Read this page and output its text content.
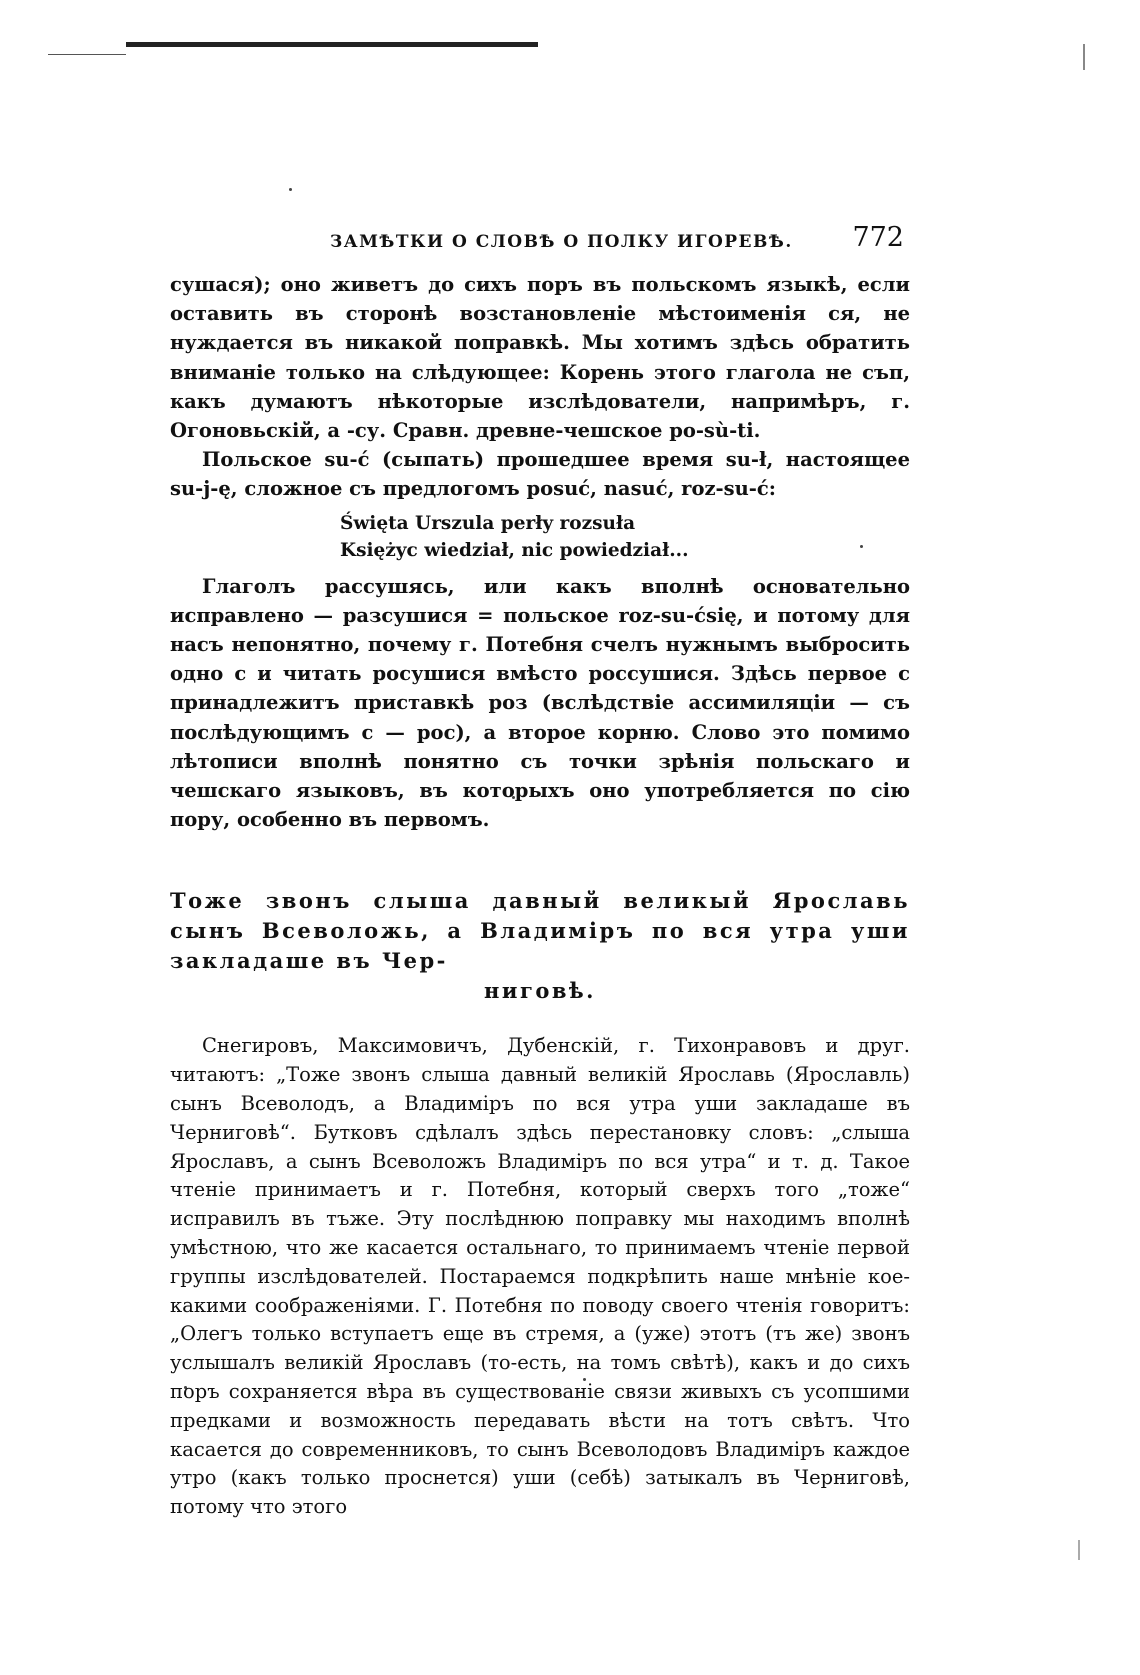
ЗАМѢТКИ О СЛОВѢ О ПОЛКУ ИГОРЕВѢ. 772

сушася); оно живетъ до сихъ поръ въ польскомъ языкѣ, если оставить въ сторонѣ возстановленіе мѣстоименія ся, не нуждается въ никакой поправкѣ. Мы хотимъ здѣсь обратить вниманіе только на слѣдующее: Корень этого глагола не съп, какъ думаютъ нѣкоторые изслѣдователи, напримѣръ, г. Огоновьскій, а -су. Сравн. древне-чешское po-sù-ti.

Польское su-ć (сыпать) прошедшее время su-ł, настоящее su-j-ę, сложное съ предлогомъ posuć, nasuć, roz-su-ć:

Święta Urszula perły rozsuła
Księżyc wiedział, nic powiedział...

Глаголъ рассушясь, или какъ вполнѣ основательно исправлено — разсушися = польское roz-su-ćsię, и потому для насъ непонятно, почему г. Потебня счелъ нужнымъ выбросить одно с и читать росушися вмѣсто россушися. Здѣсь первое с принадлежитъ приставкѣ роз (вслѣдствіе ассимиляціи — съ послѣдующимъ с — рос), а второе корню. Слово это помимо лѣтописи вполнѣ понятно съ точки зрѣнія польскаго и чешскаго языковъ, въ которыхъ оно употребляется по сію пору, особенно въ первомъ.

Тоже звонъ слыша давный великый Ярославь сынъ Всеволожь, а Владиміръ по вся утра уши закладаше въ Чер-

ниговѣ.

Снегировъ, Максимовичъ, Дубенскій, г. Тихонравовъ и друг. читаютъ: „Тоже звонъ слыша давный великій Ярославь (Ярославль) сынъ Всеволодъ, а Владиміръ по вся утра уши закладаше въ Черниговѣ“. Бутковъ сдѣлалъ здѣсь перестановку словъ: „слыша Ярославъ, а сынъ Всеволожъ Владиміръ по вся утра“ и т. д. Такое чтеніе принимаетъ и г. Потебня, который сверхъ того „тоже“ исправилъ въ тъже. Эту послѣднюю поправку мы находимъ вполнѣ умѣстною, что же касается остальнаго, то принимаемъ чтеніе первой группы изслѣдователей. Постараемся подкрѣпить наше мнѣніе кое-какими соображеніями. Г. Потебня по поводу своего чтенія говоритъ: „Олегъ только вступаетъ еще въ стремя, а (уже) этотъ (тъ же) звонъ услышалъ великій Ярославъ (то-есть, на томъ свѣтѣ), какъ и до сихъ поръ сохраняется вѣра въ существованіе связи живыхъ съ усопшими предками и возможность передавать вѣсти на тотъ свѣтъ. Что касается до современниковъ, то сынъ Всеволодовъ Владиміръ каждое утро (какъ только проснется) уши (себѣ) затыкалъ въ Черниговѣ, потому что этого
